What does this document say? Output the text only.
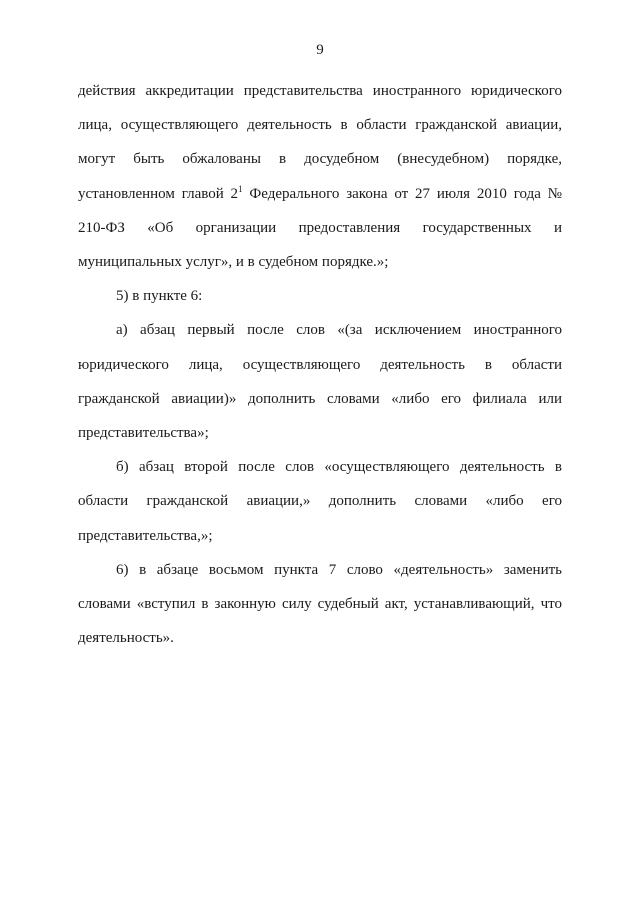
9

действия аккредитации представительства иностранного юридического лица, осуществляющего деятельность в области гражданской авиации, могут быть обжалованы в досудебном (внесудебном) порядке, установленном главой $2^1$ Федерального закона от 27 июля 2010 года № 210-ФЗ «Об организации предоставления государственных и муниципальных услуг», и в судебном порядке.»;

5) в пункте 6:

а) абзац первый после слов «(за исключением иностранного юридического лица, осуществляющего деятельность в области гражданской авиации)» дополнить словами «либо его филиала или представительства»;

б) абзац второй после слов «осуществляющего деятельность в области гражданской авиации,» дополнить словами «либо его представительства,»;

6) в абзаце восьмом пункта 7 слово «деятельность» заменить словами «вступил в законную силу судебный акт, устанавливающий, что деятельность».
